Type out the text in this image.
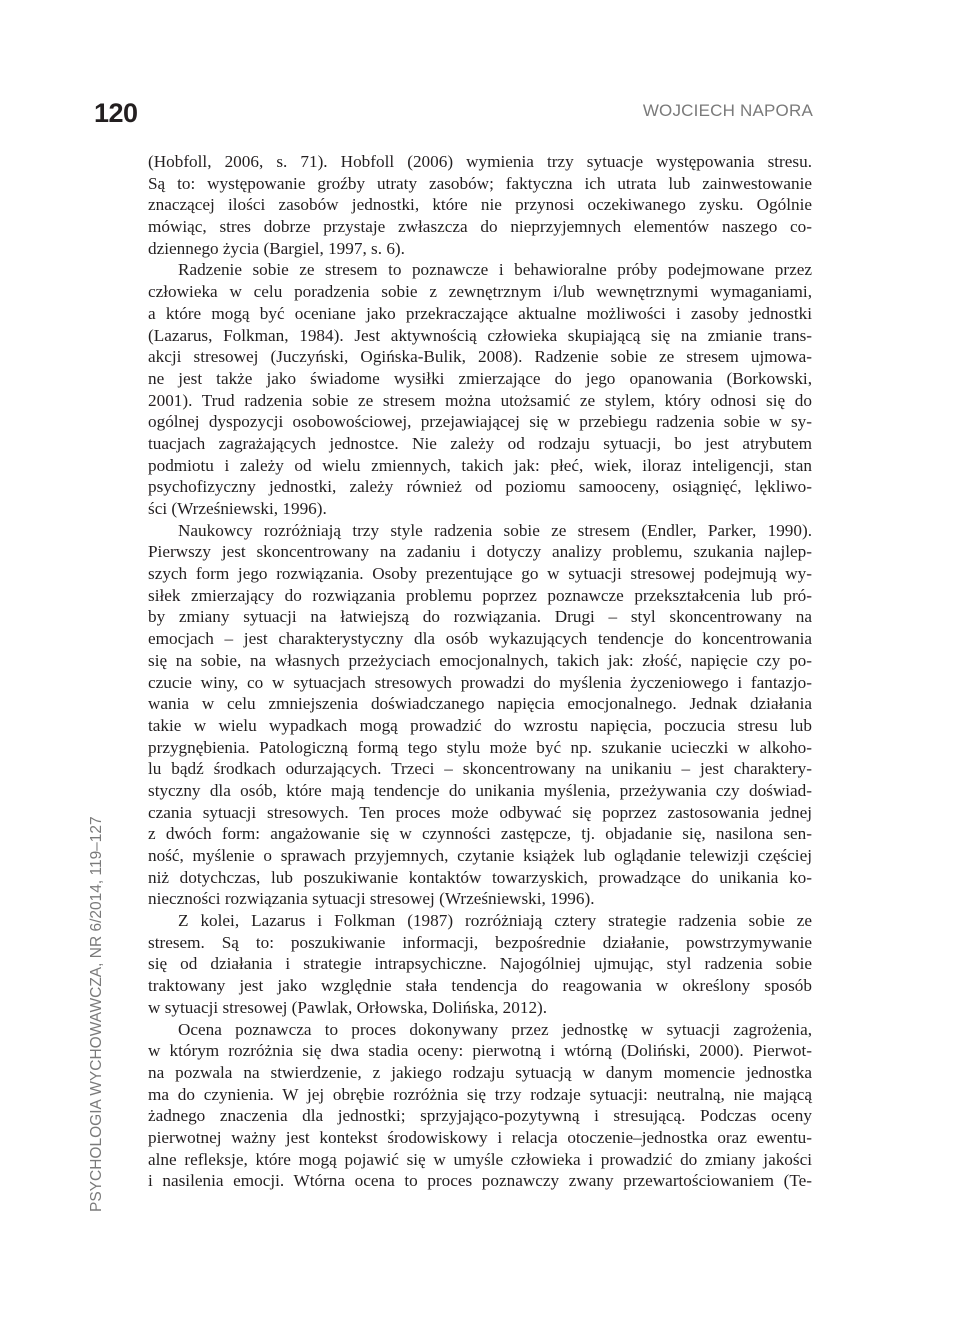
120	WOJCIECH NAPORA
PSYCHOLOGIA WYCHOWAWCZA, NR 6/2014, 119–127
(Hobfoll, 2006, s. 71). Hobfoll (2006) wymienia trzy sytuacje występowania stresu.
Są to: występowanie groźby utraty zasobów; faktyczna ich utrata lub zainwestowanie
znaczącej ilości zasobów jednostki, które nie przynosi oczekiwanego zysku. Ogólnie
mówiąc, stres dobrze przystaje zwłaszcza do nieprzyjemnych elementów naszego co-
dziennego życia (Bargiel, 1997, s. 6).
Radzenie sobie ze stresem to poznawcze i behawioralne próby podejmowane przez
człowieka w celu poradzenia sobie z zewnętrznym i/lub wewnętrznymi wymaganiami,
a które mogą być oceniane jako przekraczające aktualne możliwości i zasoby jednostki
(Lazarus, Folkman, 1984). Jest aktywnością człowieka skupiającą się na zmianie trans-
akcji stresowej (Juczyński, Ogińska-Bulik, 2008). Radzenie sobie ze stresem ujmowa-
ne jest także jako świadome wysiłki zmierzające do jego opanowania (Borkowski,
2001). Trud radzenia sobie ze stresem można utożsamić ze stylem, który odnosi się do
ogólnej dyspozycji osobowościowej, przejawiającej się w przebiegu radzenia sobie w sy-
tuacjach zagrażających jednostce. Nie zależy od rodzaju sytuacji, bo jest atrybutem
podmiotu i zależy od wielu zmiennych, takich jak: płeć, wiek, iloraz inteligencji, stan
psychofizyczny jednostki, zależy również od poziomu samooceny, osiągnięć, lękliwo-
ści (Wrześniewski, 1996).
Naukowcy rozróżniają trzy style radzenia sobie ze stresem (Endler, Parker, 1990).
Pierwszy jest skoncentrowany na zadaniu i dotyczy analizy problemu, szukania najlep-
szych form jego rozwiązania. Osoby prezentujące go w sytuacji stresowej podejmują wy-
siłek zmierzający do rozwiązania problemu poprzez poznawcze przekształcenia lub pró-
by zmiany sytuacji na łatwiejszą do rozwiązania. Drugi – styl skoncentrowany na
emocjach – jest charakterystyczny dla osób wykazujących tendencje do koncentrowania
się na sobie, na własnych przeżyciach emocjonalnych, takich jak: złość, napięcie czy po-
czucie winy, co w sytuacjach stresowych prowadzi do myślenia życzeniowego i fantazjo-
wania w celu zmniejszenia doświadczanego napięcia emocjonalnego. Jednak działania
takie w wielu wypadkach mogą prowadzić do wzrostu napięcia, poczucia stresu lub
przygnębienia. Patologiczną formą tego stylu może być np. szukanie ucieczki w alkoho-
lu bądź środkach odurzających. Trzeci – skoncentrowany na unikaniu – jest charaktery-
styczny dla osób, które mają tendencje do unikania myślenia, przeżywania czy doświad-
czania sytuacji stresowych. Ten proces może odbywać się poprzez zastosowania jednej
z dwóch form: angażowanie się w czynności zastępcze, tj. objadanie się, nasilona sen-
ność, myślenie o sprawach przyjemnych, czytanie książek lub oglądanie telewizji częściej
niż dotychczas, lub poszukiwanie kontaktów towarzyskich, prowadzące do unikania ko-
nieczności rozwiązania sytuacji stresowej (Wrześniewski, 1996).
Z kolei, Lazarus i Folkman (1987) rozróżniają cztery strategie radzenia sobie ze
stresem. Są to: poszukiwanie informacji, bezpośrednie działanie, powstrzymywanie
się od działania i strategie intrapsychiczne. Najogólniej ujmując, styl radzenia sobie
traktowany jest jako względnie stała tendencja do reagowania w określony sposób
w sytuacji stresowej (Pawlak, Orłowska, Dolińska, 2012).
Ocena poznawcza to proces dokonywany przez jednostkę w sytuacji zagrożenia,
w którym rozróżnia się dwa stadia oceny: pierwotną i wtórną (Doliński, 2000). Pierwot-
na pozwala na stwierdzenie, z jakiego rodzaju sytuacją w danym momencie jednostka
ma do czynienia. W jej obrębie rozróżnia się trzy rodzaje sytuacji: neutralną, nie mającą
żadnego znaczenia dla jednostki; sprzyjająco-pozytywną i stresującą. Podczas oceny
pierwotnej ważny jest kontekst środowiskowy i relacja otoczenie–jednostka oraz ewentu-
alne refleksje, które mogą pojawić się w umyśle człowieka i prowadzić do zmiany jakości
i nasilenia emocji. Wtórna ocena to proces poznawczy zwany przewartościowaniem (Te-
